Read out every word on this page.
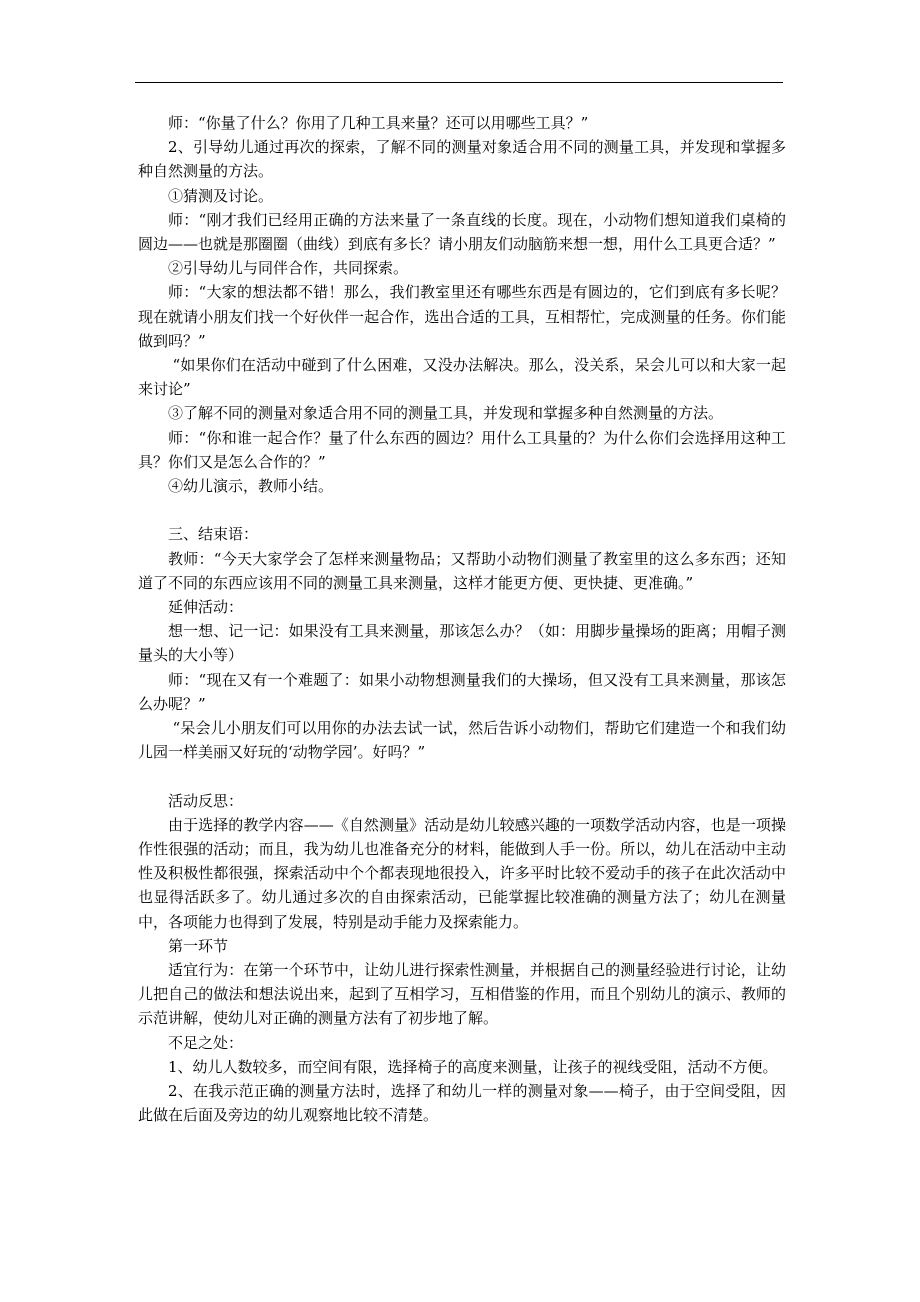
师：“你量了什么？你用了几种工具来量？还可以用哪些工具？”

2、引导幼儿通过再次的探索，了解不同的测量对象适合用不同的测量工具，并发现和掌握多种自然测量的方法。

①猜测及讨论。

师：“刚才我们已经用正确的方法来量了一条直线的长度。现在，小动物们想知道我们桌椅的圆边——也就是那圈圈（曲线）到底有多长？请小朋友们动脑筋来想一想，用什么工具更合适？”

②引导幼儿与同伴合作，共同探索。

师：“大家的想法都不错！那么，我们教室里还有哪些东西是有圆边的，它们到底有多长呢？现在就请小朋友们找一个好伙伴一起合作，选出合适的工具，互相帮忙，完成测量的任务。你们能做到吗？”

“如果你们在活动中碰到了什么困难，又没办法解决。那么，没关系，呆会儿可以和大家一起来讨论”

③了解不同的测量对象适合用不同的测量工具，并发现和掌握多种自然测量的方法。

师：“你和谁一起合作？量了什么东西的圆边？用什么工具量的？为什么你们会选择用这种工具？你们又是怎么合作的？”

④幼儿演示，教师小结。

三、结束语：

教师：“今天大家学会了怎样来测量物品；又帮助小动物们测量了教室里的这么多东西；还知道了不同的东西应该用不同的测量工具来测量，这样才能更方便、更快捷、更准确。”

延伸活动：

想一想、记一记：如果没有工具来测量，那该怎么办？（如：用脚步量操场的距离；用帽子测量头的大小等）

师：“现在又有一个难题了：如果小动物想测量我们的大操场，但又没有工具来测量，那该怎么办呢？”

“呆会儿小朋友们可以用你的办法去试一试，然后告诉小动物们，帮助它们建造一个和我们幼儿园一样美丽又好玩的‘动物学园’。好吗？”

活动反思：

由于选择的教学内容——《自然测量》活动是幼儿较感兴趣的一项数学活动内容，也是一项操作性很强的活动；而且，我为幼儿也准备充分的材料，能做到人手一份。所以，幼儿在活动中主动性及积极性都很强，探索活动中个个都表现地很投入，许多平时比较不爱动手的孩子在此次活动中也显得活跃多了。幼儿通过多次的自由探索活动，已能掌握比较准确的测量方法了；幼儿在测量中，各项能力也得到了发展，特别是动手能力及探索能力。

第一环节

适宜行为：在第一个环节中，让幼儿进行探索性测量，并根据自己的测量经验进行讨论，让幼儿把自己的做法和想法说出来，起到了互相学习，互相借鉴的作用，而且个别幼儿的演示、教师的示范讲解，使幼儿对正确的测量方法有了初步地了解。

不足之处：

1、幼儿人数较多，而空间有限，选择椅子的高度来测量，让孩子的视线受阻，活动不方便。

2、在我示范正确的测量方法时，选择了和幼儿一样的测量对象——椅子，由于空间受阻，因此做在后面及旁边的幼儿观察地比较不清楚。
